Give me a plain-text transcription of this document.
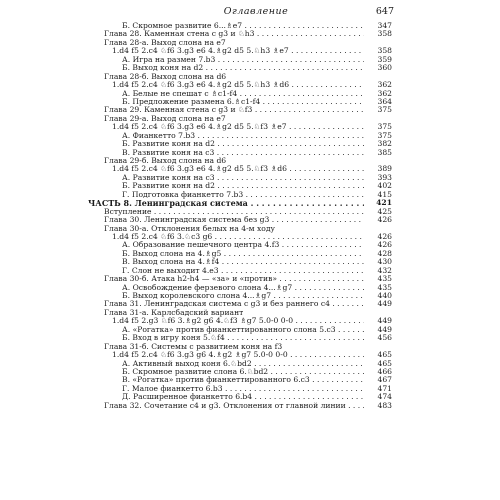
Оглавление	647
Б. Скромное развитие 6...♗e7 . . .	347
Глава 28. Каменная стена с g3 и ♘h3 . . .	358
Глава 28-а. Выход слона на e7
1.d4 f5 2.c4 ♘f6 3.g3 e6 4.♗g2 d5 5.♘h3 ♗e7 . . .	358
А. Игра на размен 7.b3 . . .	359
Б. Выход коня на d2 . . .	360
Глава 28-б. Выход слона на d6
1.d4 f5 2.c4 ♘f6 3.g3 e6 4.♗g2 d5 5.♘h3 ♗d6 . . .	362
А. Белые не спешат с ♗c1-f4 . . .	362
Б. Предложение размена 6.♗c1-f4 . . .	364
Глава 29. Каменная стена с g3 и ♘f3 . . .	375
Глава 29-а. Выход слона на e7
1.d4 f5 2.c4 ♘f6 3.g3 e6 4.♗g2 d5 5.♘f3 ♗e7 . . .	375
А. Фианкетто 7.b3 . . .	375
Б. Развитие коня на d2 . . .	382
В. Развитие коня на c3 . . .	385
Глава 29-б. Выход слона на d6
1.d4 f5 2.c4 ♘f6 3.g3 e6 4.♗g2 d5 5.♘f3 ♗d6 . . .	389
А. Развитие коня на c3 . . .	393
Б. Развитие коня на d2 . . .	402
Г. Подготовка фианкетто 7.b3 . . .	415
ЧАСТЬ 8. Ленинградская система . . .	421
Вступление . . .	425
Глава 30. Ленинградская система без g3 . . .	426
Глава 30-а. Отклонения белых на 4-м ходу
1.d4 f5 2.c4 ♘f6 3.♘c3 g6 . . .	426
А. Образование пешечного центра 4.f3 . . .	426
Б. Выход слона на 4.♗g5 . . .	428
В. Выход слона на 4.♗f4 . . .	430
Г. Слон не выходит 4.e3 . . .	432
Глава 30-б. Атака h2-h4 — «за» и «против» . . .	435
А. Освобождение ферзевого слона 4...♗g7 . . .	435
Б. Выход королевского слона 4...♗g7 . . .	440
Глава 31. Ленинградская система с g3 и без раннего c4 . . .	449
Глава 31-а. Карлсбадский вариант
1.d4 f5 2.g3 ♘f6 3.♗g2 g6 4.♘f3 ♗g7 5.0-0 0-0 . . .	449
А. «Рогатка» против фианкеттированного слона 5.c3 . . .	449
Б. Вход в игру коня 5.♘f4 . . .	456
Глава 31-б. Системы с развитием коня на f3
1.d4 f5 2.c4 ♘f6 3.g3 g6 4.♗g2 ♗g7 5.0-0 0-0 . . .	465
А. Активный выход коня 6.♘bd2 . . .	465
Б. Скромное развитие слона 6.♘bd2 . . .	466
В. «Рогатка» против фианкеттированного 6.c3 . . .	467
Г. Малое фианкетто 6.b3 . . .	471
Д. Расширенное фианкетто 6.b4 . . .	474
Глава 32. Сочетание c4 и g3. Отклонения от главной линии . . .	483
